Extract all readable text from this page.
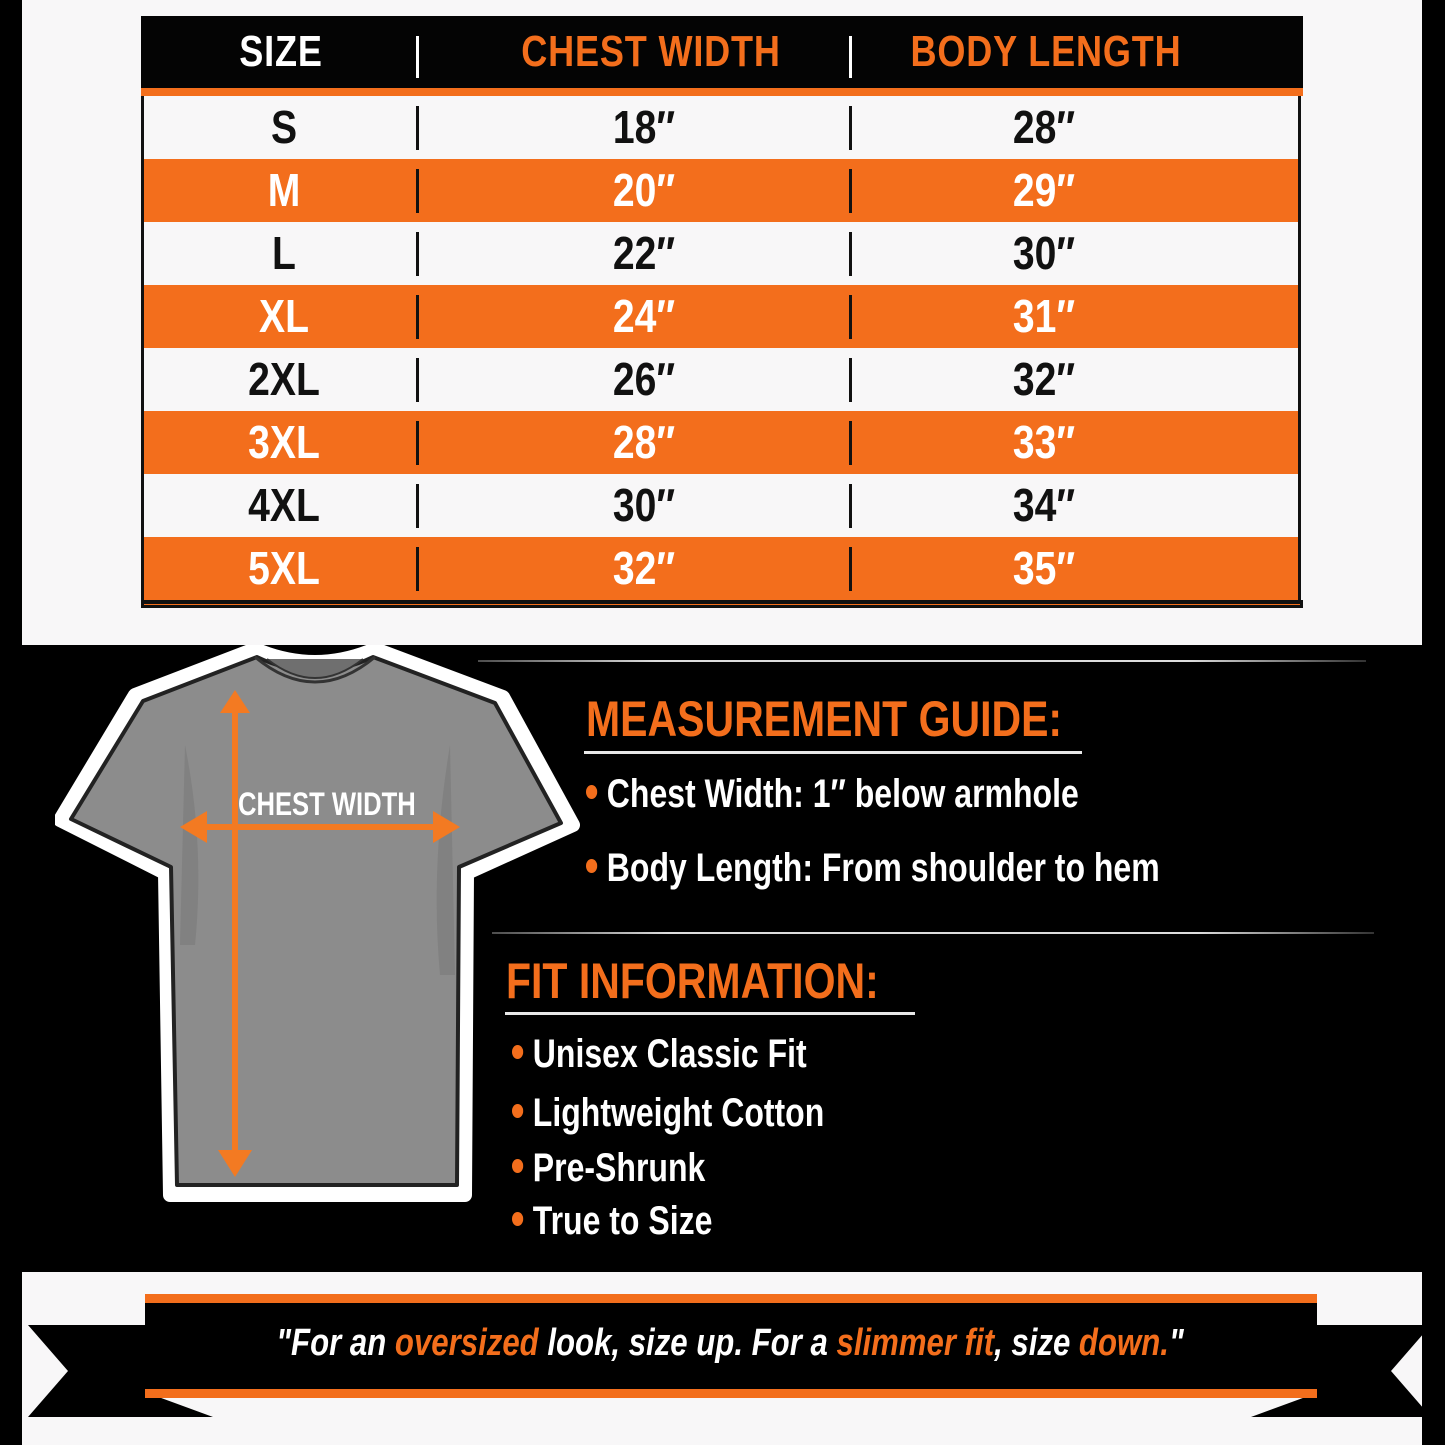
SIZE	CHEST WIDTH	BODY LENGTH
S	18″	28″
M	20″	29″
L	22″	30″
XL	24″	31″
2XL	26″	32″
3XL	28″	33″
4XL	30″	34″
5XL	32″	35″
CHEST WIDTH
MEASUREMENT GUIDE:
Chest Width: 1″ below armhole
Body Length: From shoulder to hem
FIT INFORMATION:
Unisex Classic Fit
Lightweight Cotton
Pre-Shrunk
True to Size
"For an oversized look, size up. For a slimmer fit, size down."
